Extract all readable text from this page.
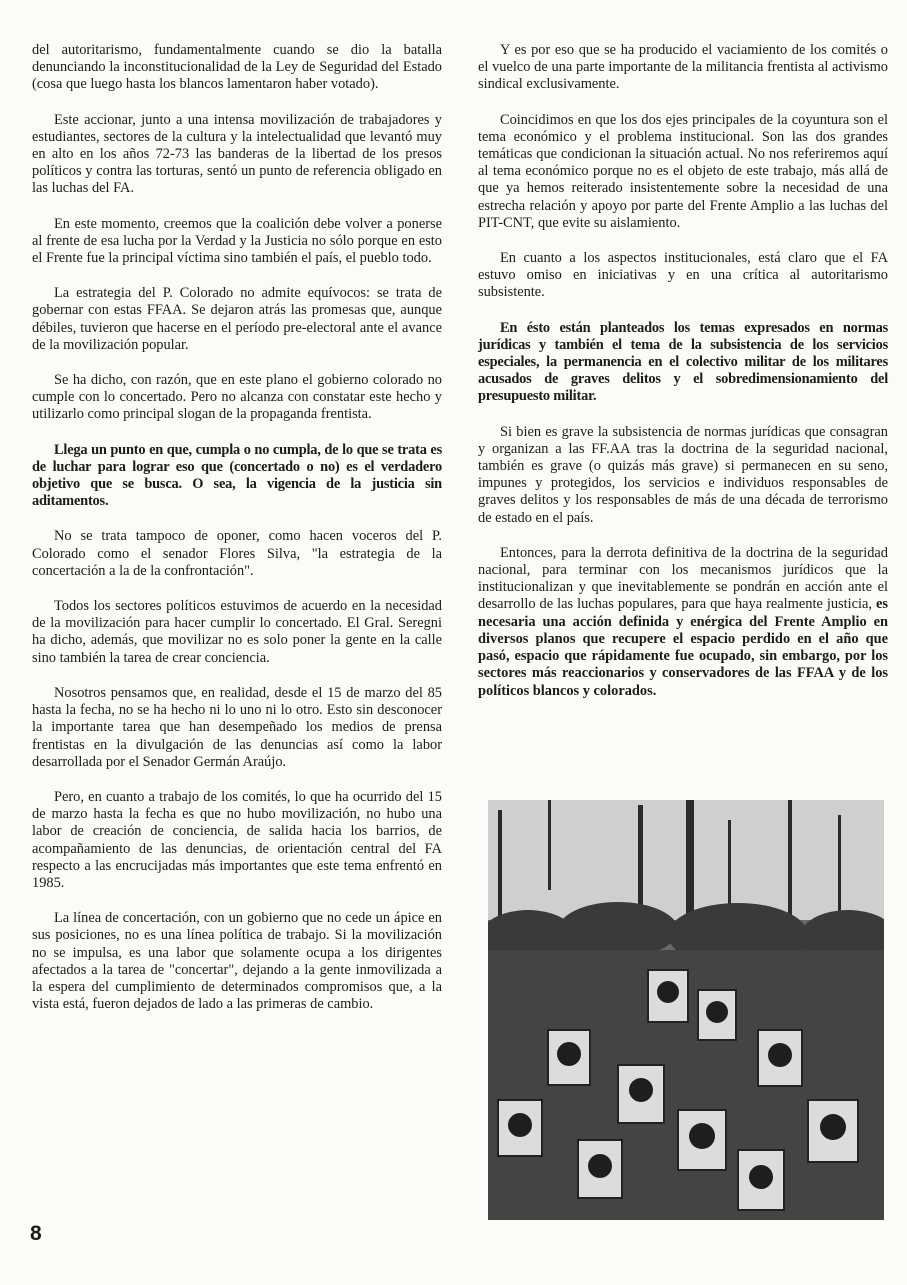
del autoritarismo, fundamentalmente cuando se dio la batalla denunciando la inconstitucionalidad de la Ley de Seguridad del Estado (cosa que luego hasta los blancos lamentaron haber votado).

Este accionar, junto a una intensa movilización de trabajadores y estudiantes, sectores de la cultura y la intelectualidad que levantó muy en alto en los años 72-73 las banderas de la libertad de los presos políticos y contra las torturas, sentó un punto de referencia obligado en las luchas del FA.

En este momento, creemos que la coalición debe volver a ponerse al frente de esa lucha por la Verdad y la Justicia no sólo porque en esto el Frente fue la principal víctima sino también el país, el pueblo todo.

La estrategia del P. Colorado no admite equívocos: se trata de gobernar con estas FFAA. Se dejaron atrás las promesas que, aunque débiles, tuvieron que hacerse en el período pre-electoral ante el avance de la movilización popular.

Se ha dicho, con razón, que en este plano el gobierno colorado no cumple con lo concertado. Pero no alcanza con constatar este hecho y utilizarlo como principal slogan de la propaganda frentista.

Llega un punto en que, cumpla o no cumpla, de lo que se trata es de luchar para lograr eso que (concertado o no) es el verdadero objetivo que se busca. O sea, la vigencia de la justicia sin aditamentos.

No se trata tampoco de oponer, como hacen voceros del P. Colorado como el senador Flores Silva, "la estrategia de la concertación a la de la confrontación".

Todos los sectores políticos estuvimos de acuerdo en la necesidad de la movilización para hacer cumplir lo concertado. El Gral. Seregni ha dicho, además, que movilizar no es solo poner la gente en la calle sino también la tarea de crear conciencia.

Nosotros pensamos que, en realidad, desde el 15 de marzo del 85 hasta la fecha, no se ha hecho ni lo uno ni lo otro. Esto sin desconocer la importante tarea que han desempeñado los medios de prensa frentistas en la divulgación de las denuncias así como la labor desarrollada por el Senador Germán Araújo.

Pero, en cuanto a trabajo de los comités, lo que ha ocurrido del 15 de marzo hasta la fecha es que no hubo movilización, no hubo una labor de creación de conciencia, de salida hacia los barrios, de acompañamiento de las denuncias, de orientación central del FA respecto a las encrucijadas más importantes que este tema enfrentó en 1985.

La línea de concertación, con un gobierno que no cede un ápice en sus posiciones, no es una línea política de trabajo. Si la movilización no se impulsa, es una labor que solamente ocupa a los dirigentes afectados a la tarea de "concertar", dejando a la gente inmovilizada a la espera del cumplimiento de determinados compromisos que, a la vista está, fueron dejados de lado a las primeras de cambio.

Y es por eso que se ha producido el vaciamiento de los comités o el vuelco de una parte importante de la militancia frentista al activismo sindical exclusivamente.

Coincidimos en que los dos ejes principales de la coyuntura son el tema económico y el problema institucional. Son las dos grandes temáticas que condicionan la situación actual. No nos referiremos aquí al tema económico porque no es el objeto de este trabajo, más allá de que ya hemos reiterado insistentemente sobre la necesidad de una estrecha relación y apoyo por parte del Frente Amplio a las luchas del PIT-CNT, que evite su aislamiento.

En cuanto a los aspectos institucionales, está claro que el FA estuvo omiso en iniciativas y en una crítica al autoritarismo subsistente.

En ésto están planteados los temas expresados en normas jurídicas y también el tema de la subsistencia de los servicios especiales, la permanencia en el colectivo militar de los militares acusados de graves delitos y el sobredimensionamiento del presupuesto militar.

Si bien es grave la subsistencia de normas jurídicas que consagran y organizan a las FF.AA tras la doctrina de la seguridad nacional, también es grave (o quizás más grave) si permanecen en su seno, impunes y protegidos, los servicios e individuos responsables de graves delitos y los responsables de más de una década de terrorismo de estado en el país.

Entonces, para la derrota definitiva de la doctrina de la seguridad nacional, para terminar con los mecanismos jurídicos que la institucionalizan y que inevitablemente se pondrán en acción ante el desarrollo de las luchas populares, para que haya realmente justicia, es necesaria una acción definida y enérgica del Frente Amplio en diversos planos que recupere el espacio perdido en el año que pasó, espacio que rápidamente fue ocupado, sin embargo, por los sectores más reaccionarios y conservadores de las FFAA y de los políticos blancos y colorados.

8
